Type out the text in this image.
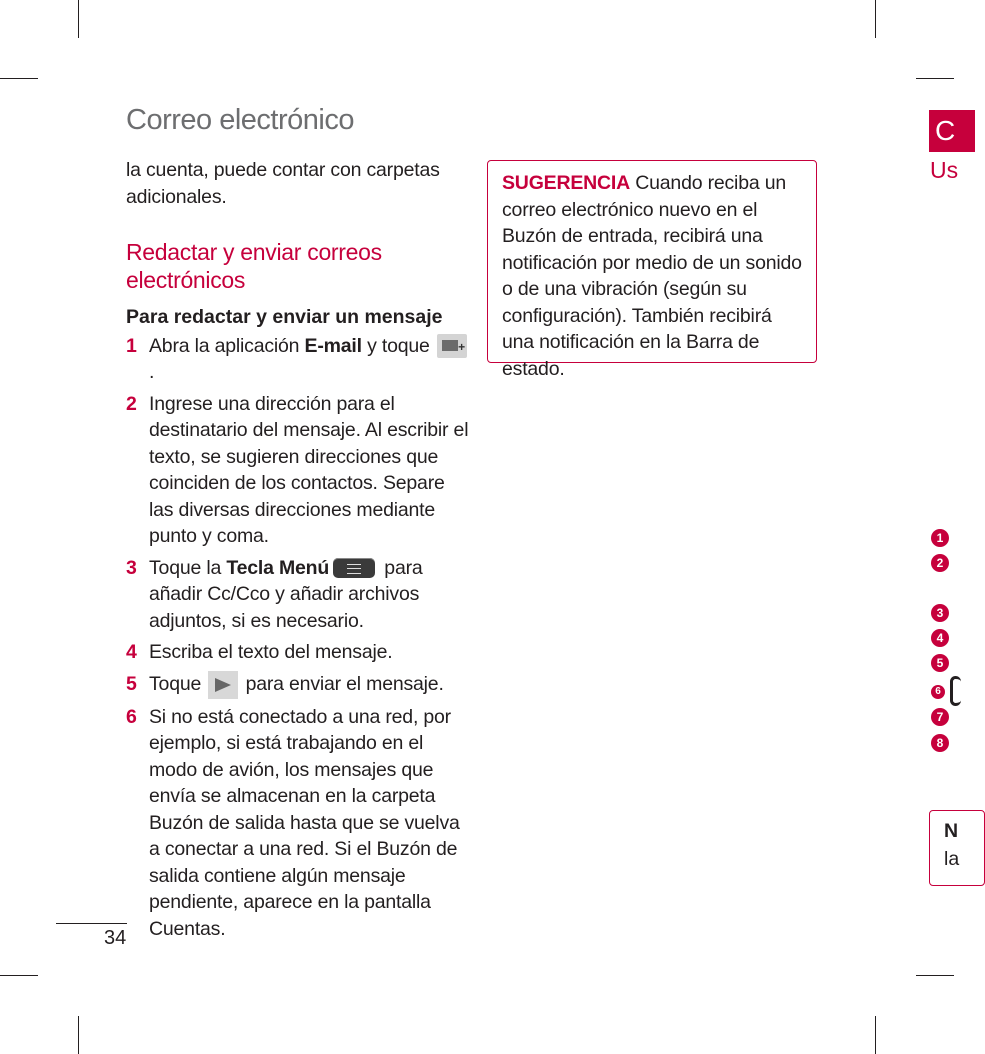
Correo electrónico

la cuenta, puede contar con carpetas adicionales.

Redactar y enviar correos electrónicos

Para redactar y enviar un mensaje

1 Abra la aplicación E-mail y toque +
.
2 Ingrese una dirección para el destinatario del mensaje. Al escribir el texto, se sugieren direcciones que coinciden de los contactos. Separe las diversas direcciones mediante punto y coma.
3 Toque la Tecla Menú	para añadir Cc/Cco y añadir archivos adjuntos, si es necesario.
4 Escriba el texto del mensaje.
5 Toque
para enviar el mensaje.
6 Si no está conectado a una red, por ejemplo, si está trabajando en el modo de avión, los mensajes que envía se almacenan en la carpeta Buzón de salida hasta que se vuelva a conectar a una red. Si el Buzón de salida contiene algún mensaje pendiente, aparece en la pantalla Cuentas.
SUGERENCIA Cuando reciba un correo electrónico nuevo en el Buzón de entrada, recibirá una notificación por medio de un sonido o de una vibración (según su configuración). También recibirá una notificación en la Barra de estado.
34
C
Us
1
2
3
4
5
6
7
8
N
la
